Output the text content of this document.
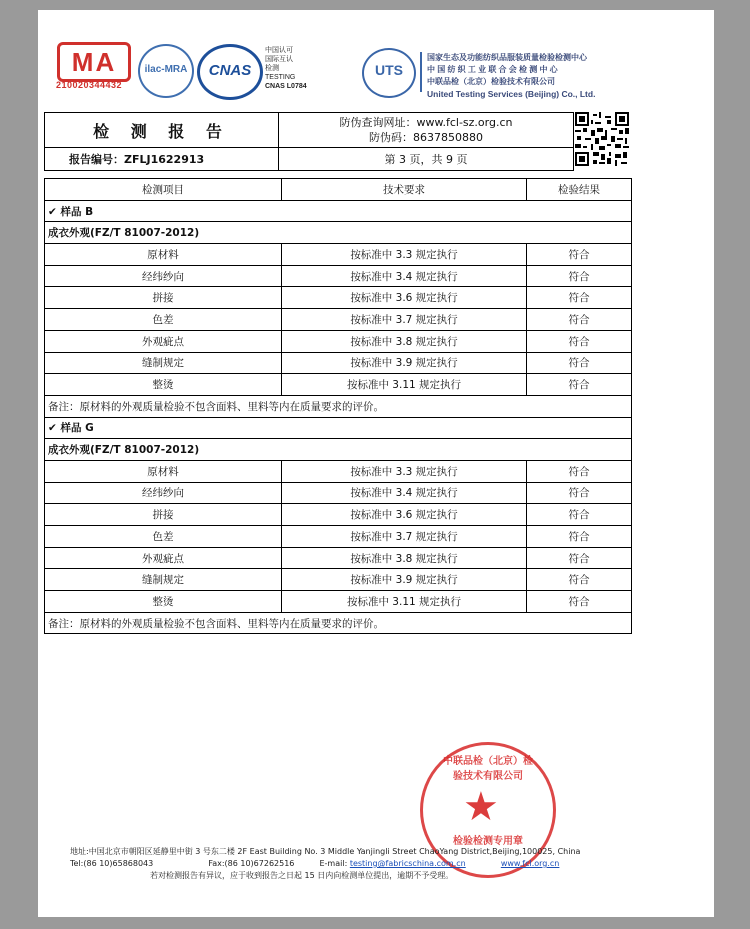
MA
210020344432
ilac-MRA	CNAS
中国认可
国际互认
检测
TESTING
CNAS L0784
UTS
国家生态及功能纺织品服装质量检验检测中心
中 国 纺 织 工 业 联 合 会 检 测 中 心
中联品检（北京）检验技术有限公司
United Testing Services (Beijing) Co., Ltd.
检 测 报 告	防伪查询网址：www.fcl-sz.org.cn
防伪码：8637850880

报告编号：ZFLJ1622913	第 3 页，共 9 页
检测项目	技术要求	检验结果
✔ 样品 B		
成衣外观(FZ/T 81007-2012)		
原材料	按标准中 3.3 规定执行	符合
经纬纱向	按标准中 3.4 规定执行	符合
拼接	按标准中 3.6 规定执行	符合
色差	按标准中 3.7 规定执行	符合
外观疵点	按标准中 3.8 规定执行	符合
缝制规定	按标准中 3.9 规定执行	符合
整烫	按标准中 3.11 规定执行	符合
备注：原材料的外观质量检验不包含面料、里料等内在质量要求的评价。		
✔ 样品 G		
成衣外观(FZ/T 81007-2012)		
原材料	按标准中 3.3 规定执行	符合
经纬纱向	按标准中 3.4 规定执行	符合
拼接	按标准中 3.6 规定执行	符合
色差	按标准中 3.7 规定执行	符合
外观疵点	按标准中 3.8 规定执行	符合
缝制规定	按标准中 3.9 规定执行	符合
整烫	按标准中 3.11 规定执行	符合
备注：原材料的外观质量检验不包含面料、里料等内在质量要求的评价。		
中联品检（北京）检验技术有限公司
★
检验检测专用章
地址:中国北京市朝阳区延静里中街 3 号东二楼 2F East Building No. 3 Middle Yanjingli Street ChaoYang District,Beijing,100025, China
Tel:(86 10)65868043	Fax:(86 10)67262516	E-mail: testing@fabricschina.com.cn	www.fcl.org.cn
若对检测报告有异议，应于收到报告之日起 15 日内向检测单位提出，逾期不予受理。
